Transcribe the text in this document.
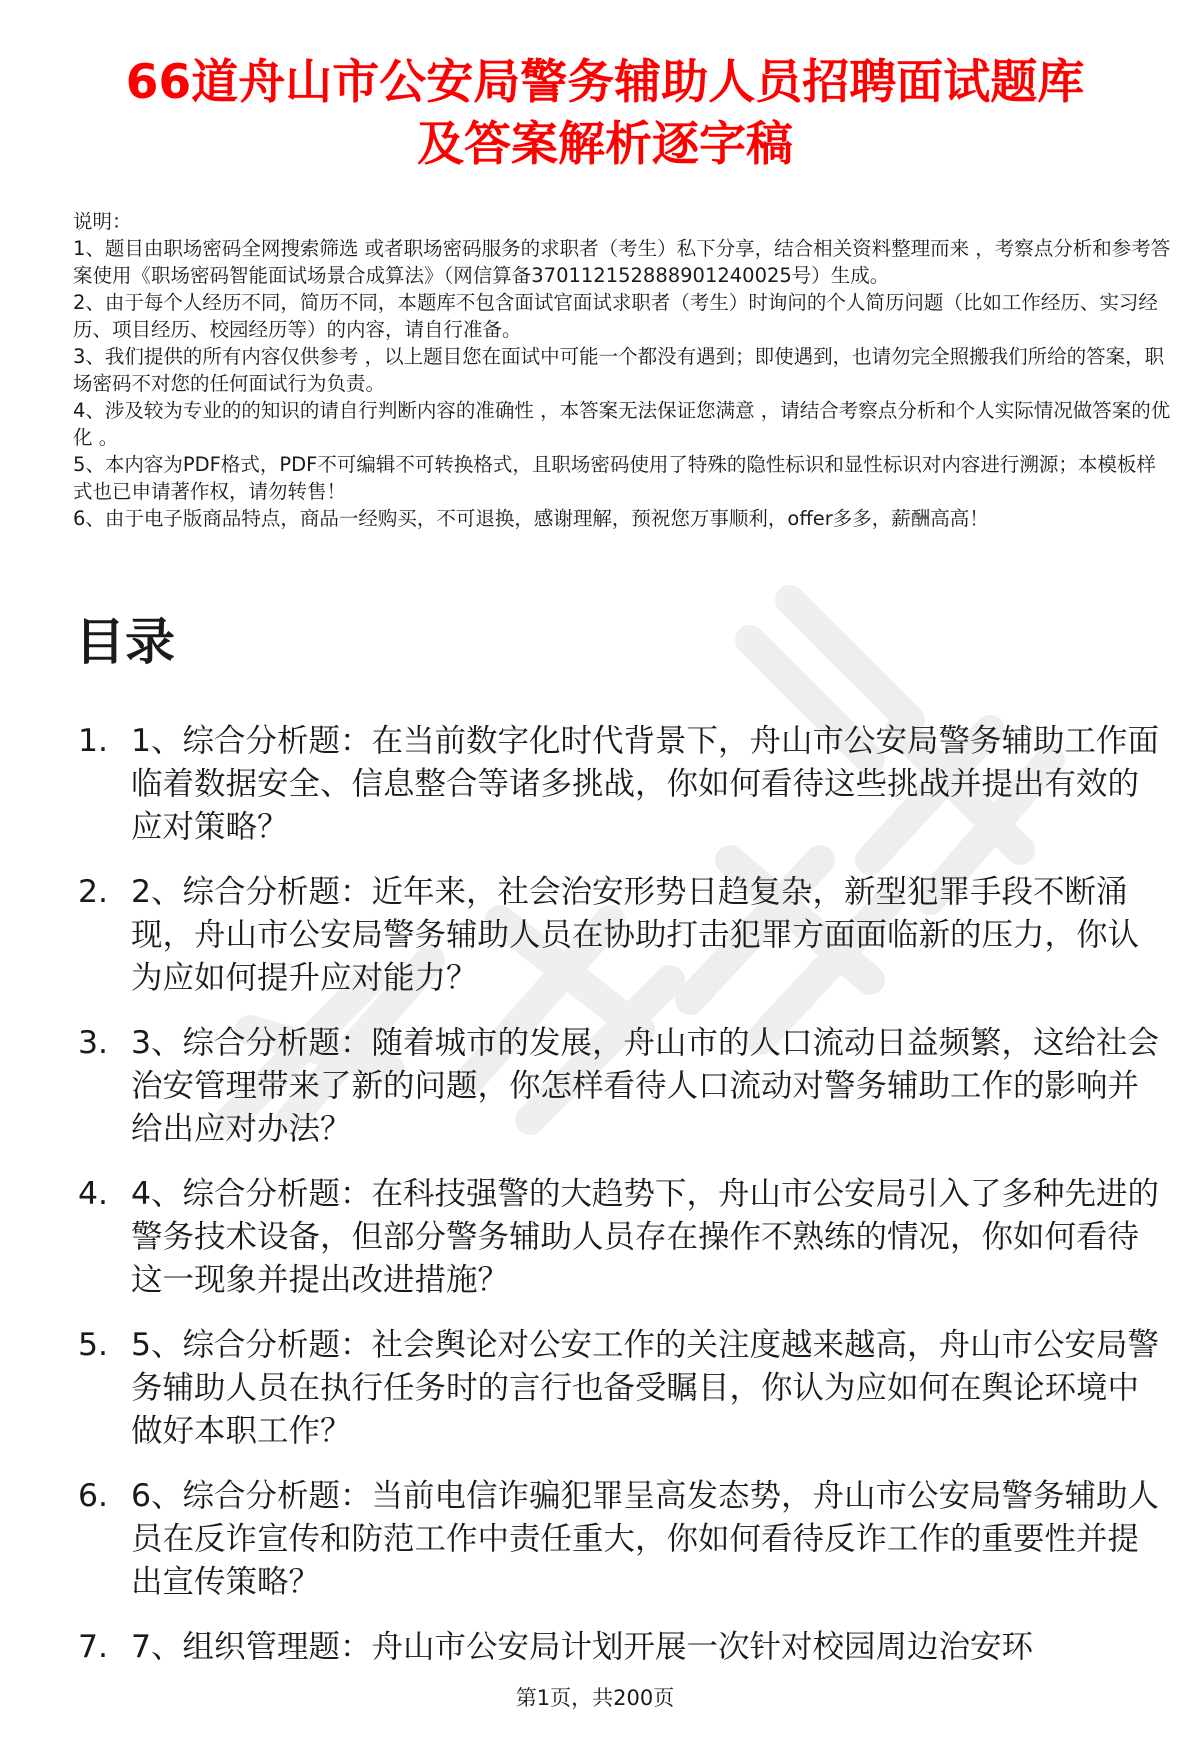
66道舟山市公安局警务辅助人员招聘面试题库
及答案解析逐字稿

说明：

1、题目由职场密码全网搜索筛选 或者职场密码服务的求职者（考生）私下分享，结合相关资料整理而来 ，考察点分析和参考答案使用《职场密码智能面试场景合成算法》（网信算备370112152888901240025号）生成。

2、由于每个人经历不同，简历不同，本题库不包含面试官面试求职者（考生）时询问的个人简历问题（比如工作经历、实习经历、项目经历、校园经历等）的内容，请自行准备。

3、我们提供的所有内容仅供参考 ，以上题目您在面试中可能一个都没有遇到；即使遇到，也请勿完全照搬我们所给的答案，职场密码不对您的任何面试行为负责。

4、涉及较为专业的的知识的请自行判断内容的准确性 ，本答案无法保证您满意 ，请结合考察点分析和个人实际情况做答案的优化 。

5、本内容为PDF格式，PDF不可编辑不可转换格式，且职场密码使用了特殊的隐性标识和显性标识对内容进行溯源；本模板样式也已申请著作权，请勿转售！

6、由于电子版商品特点，商品一经购买，不可退换，感谢理解，预祝您万事顺利，offer多多，薪酬高高！

目录
1. 1、综合分析题：在当前数字化时代背景下，舟山市公安局警务辅助工作面临着数据安全、信息整合等诸多挑战，你如何看待这些挑战并提出有效的应对策略？
2. 2、综合分析题：近年来，社会治安形势日趋复杂，新型犯罪手段不断涌现，舟山市公安局警务辅助人员在协助打击犯罪方面面临新的压力，你认为应如何提升应对能力？
3. 3、综合分析题：随着城市的发展，舟山市的人口流动日益频繁，这给社会治安管理带来了新的问题，你怎样看待人口流动对警务辅助工作的影响并给出应对办法？
4. 4、综合分析题：在科技强警的大趋势下，舟山市公安局引入了多种先进的警务技术设备，但部分警务辅助人员存在操作不熟练的情况，你如何看待这一现象并提出改进措施？
5. 5、综合分析题：社会舆论对公安工作的关注度越来越高，舟山市公安局警务辅助人员在执行任务时的言行也备受瞩目，你认为应如何在舆论环境中做好本职工作？
6. 6、综合分析题：当前电信诈骗犯罪呈高发态势，舟山市公安局警务辅助人员在反诈宣传和防范工作中责任重大，你如何看待反诈工作的重要性并提出宣传策略？
7. 7、组织管理题：舟山市公安局计划开展一次针对校园周边治安环
第1页，共200页
